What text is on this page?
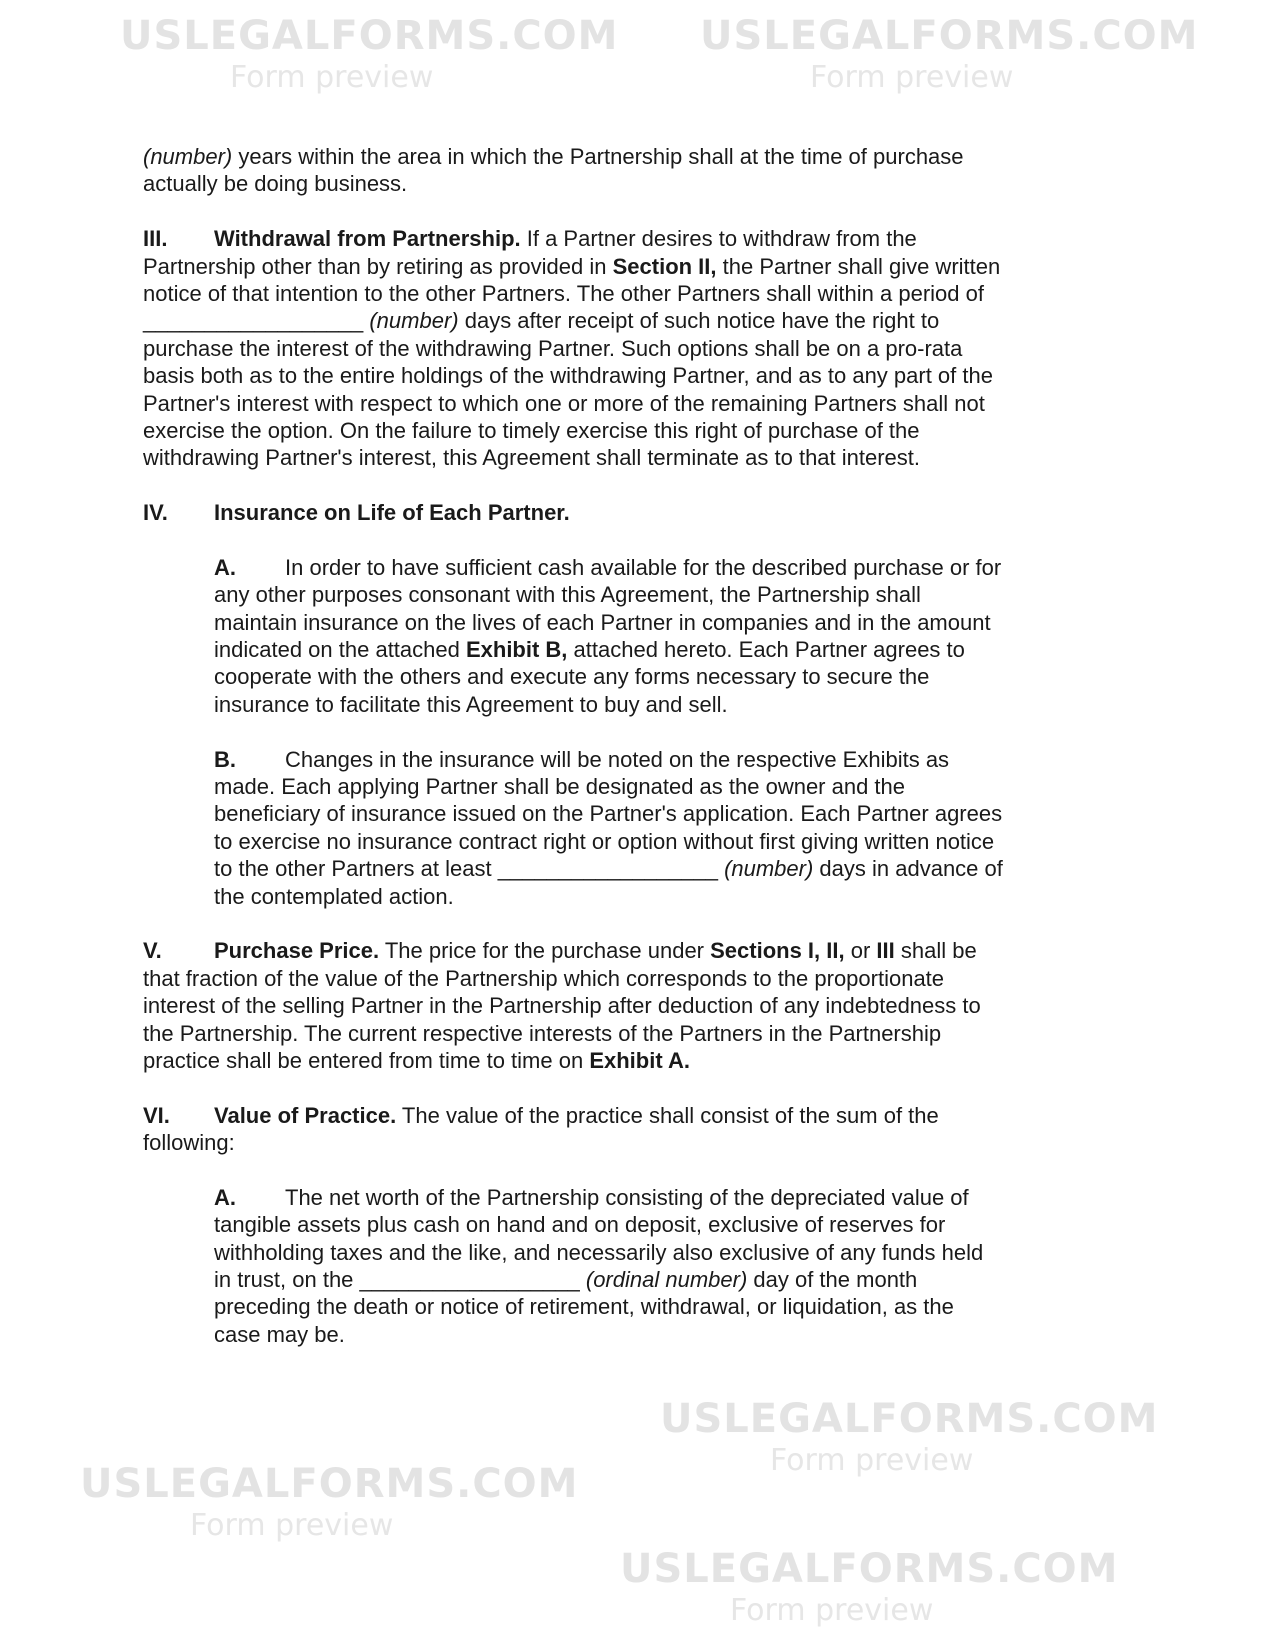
USLEGALFORMS.COM
Form preview
USLEGALFORMS.COM
Form preview
USLEGALFORMS.COM
Form preview
USLEGALFORMS.COM
Form preview
USLEGALFORMS.COM
Form preview
(number) years within the area in which the Partnership shall at the time of purchase
actually be doing business.
III. Withdrawal from Partnership. If a Partner desires to withdraw from the
Partnership other than by retiring as provided in Section II, the Partner shall give written
notice of that intention to the other Partners. The other Partners shall within a period of
__________________ (number) days after receipt of such notice have the right to
purchase the interest of the withdrawing Partner. Such options shall be on a pro-rata
basis both as to the entire holdings of the withdrawing Partner, and as to any part of the
Partner's interest with respect to which one or more of the remaining Partners shall not
exercise the option. On the failure to timely exercise this right of purchase of the
withdrawing Partner's interest, this Agreement shall terminate as to that interest.
IV. Insurance on Life of Each Partner.
A. In order to have sufficient cash available for the described purchase or for
any other purposes consonant with this Agreement, the Partnership shall
maintain insurance on the lives of each Partner in companies and in the amount
indicated on the attached Exhibit B, attached hereto. Each Partner agrees to
cooperate with the others and execute any forms necessary to secure the
insurance to facilitate this Agreement to buy and sell.
B. Changes in the insurance will be noted on the respective Exhibits as
made. Each applying Partner shall be designated as the owner and the
beneficiary of insurance issued on the Partner's application. Each Partner agrees
to exercise no insurance contract right or option without first giving written notice
to the other Partners at least __________________ (number) days in advance of
the contemplated action.
V. Purchase Price. The price for the purchase under Sections I, II, or III shall be
that fraction of the value of the Partnership which corresponds to the proportionate
interest of the selling Partner in the Partnership after deduction of any indebtedness to
the Partnership. The current respective interests of the Partners in the Partnership
practice shall be entered from time to time on Exhibit A.
VI. Value of Practice. The value of the practice shall consist of the sum of the
following:
A. The net worth of the Partnership consisting of the depreciated value of
tangible assets plus cash on hand and on deposit, exclusive of reserves for
withholding taxes and the like, and necessarily also exclusive of any funds held
in trust, on the __________________ (ordinal number) day of the month
preceding the death or notice of retirement, withdrawal, or liquidation, as the
case may be.
